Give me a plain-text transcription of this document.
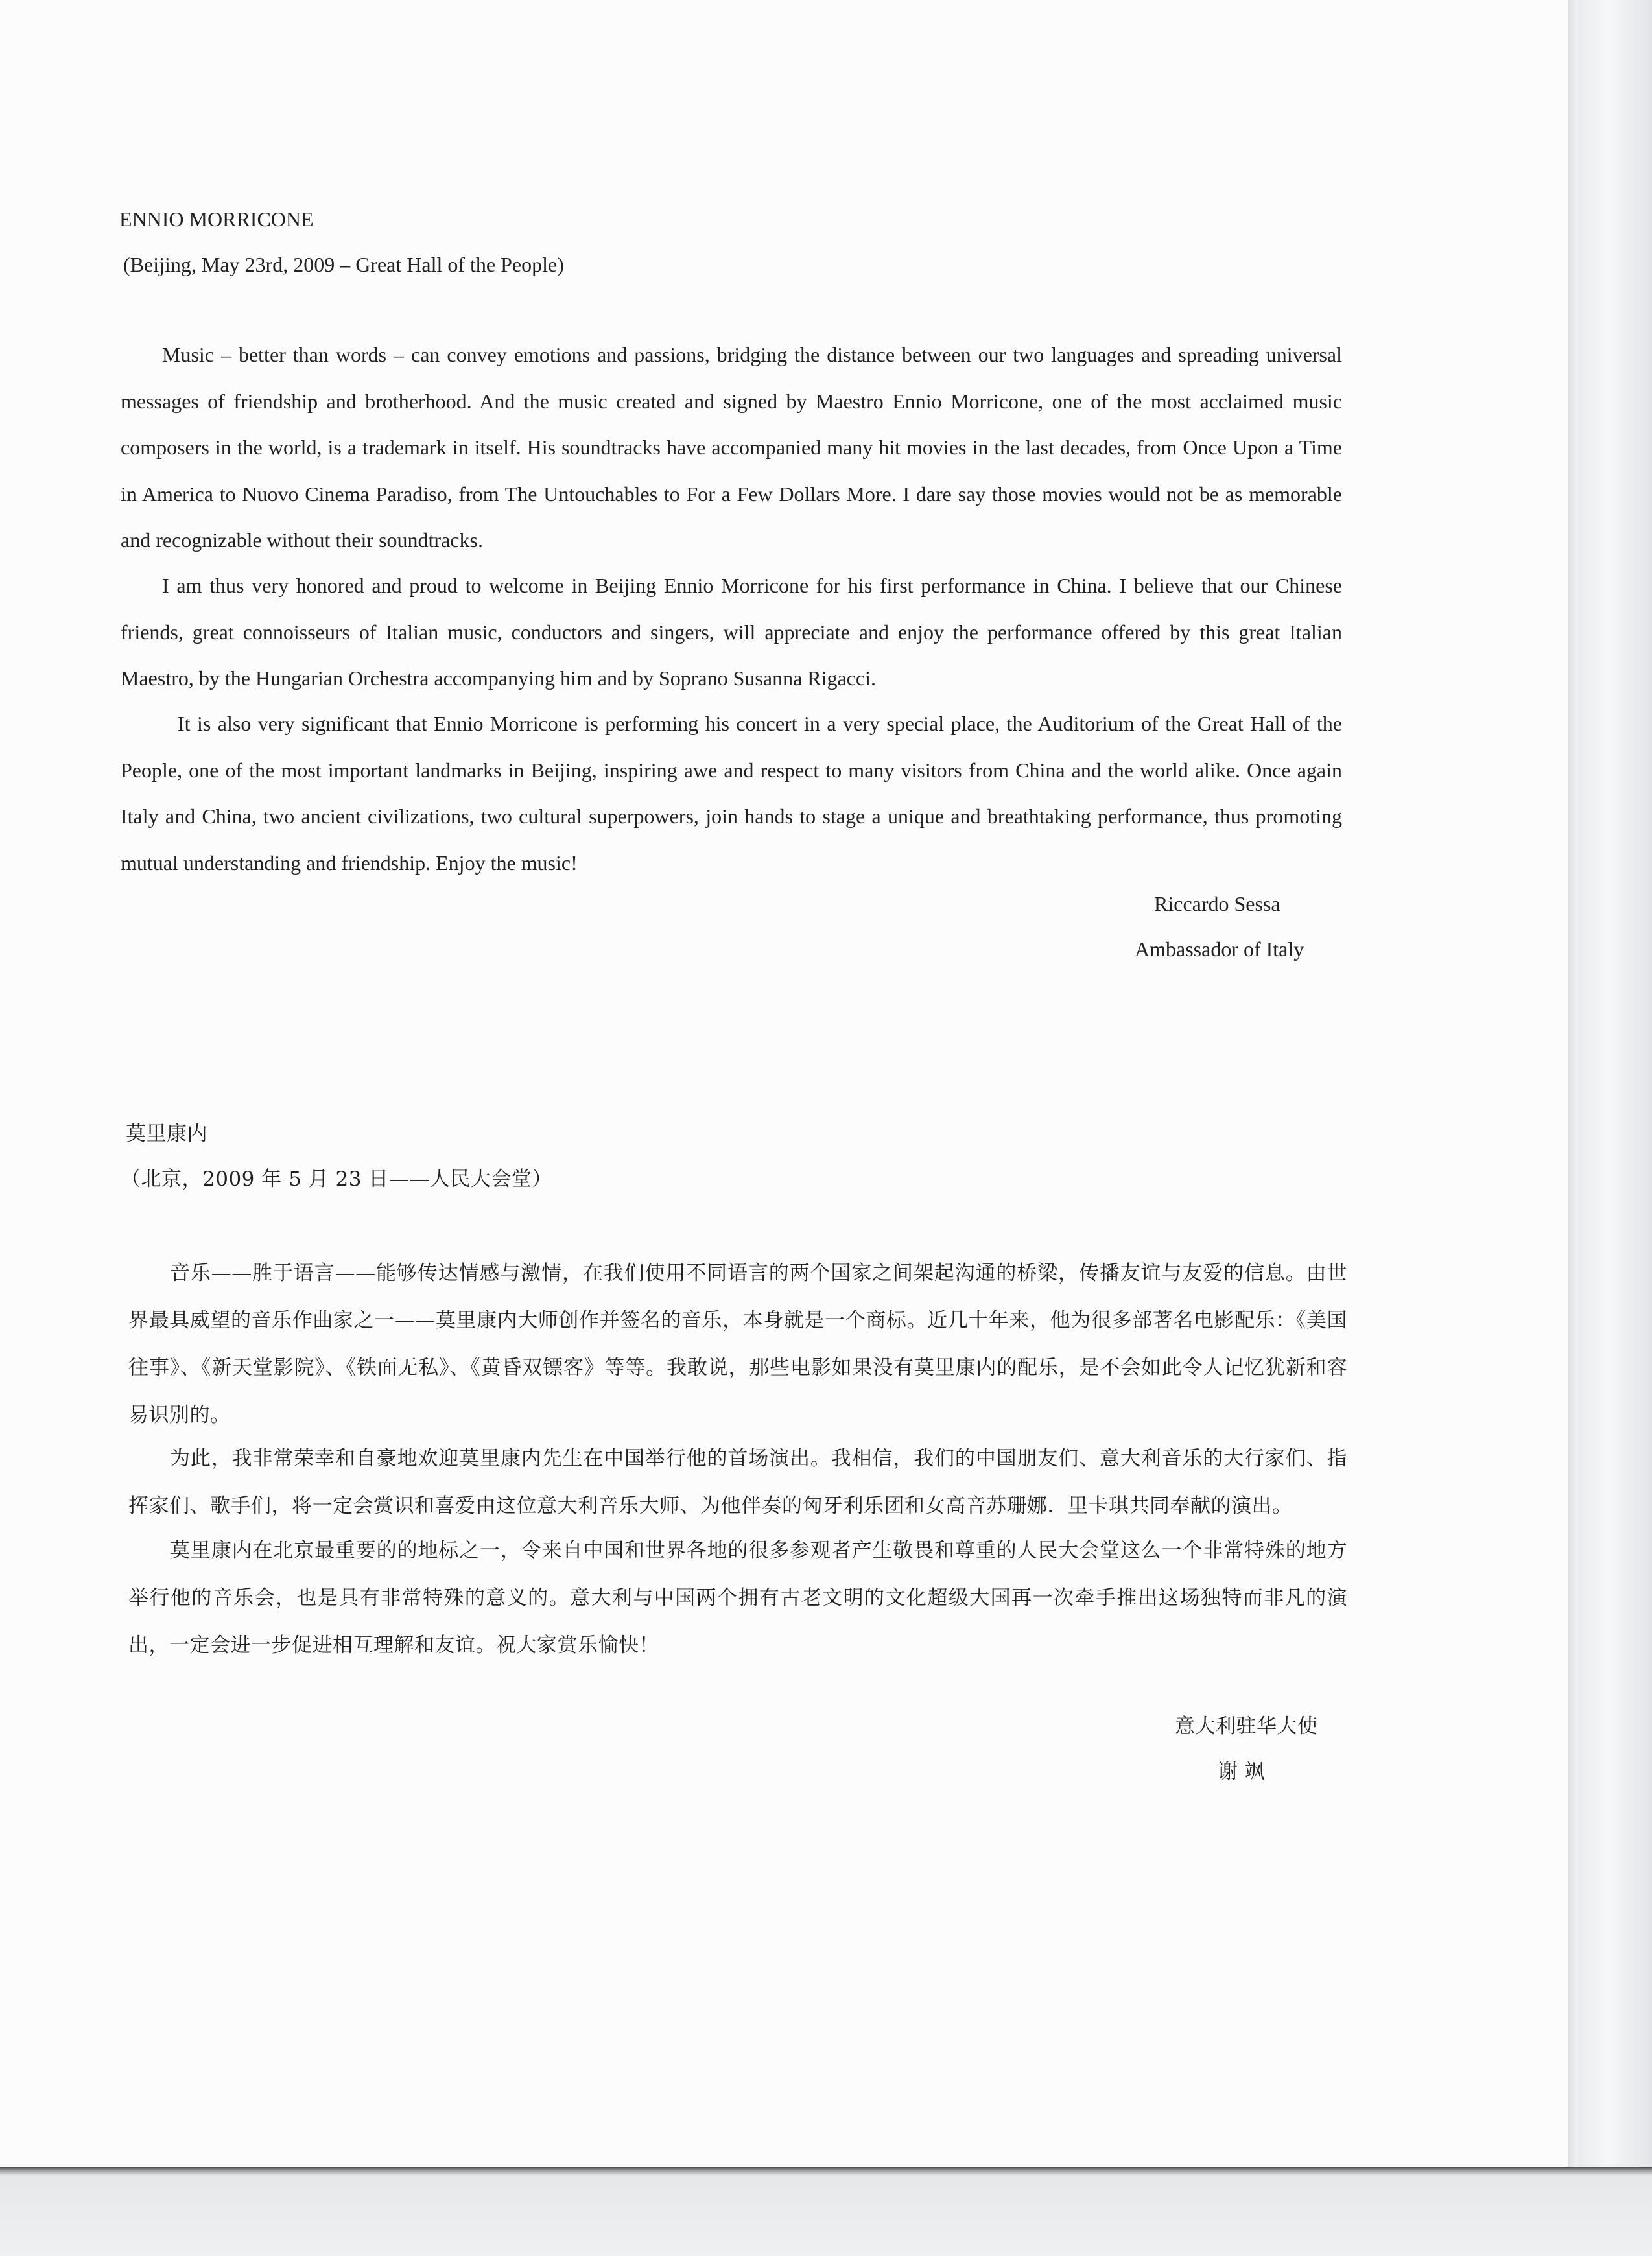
ENNIO MORRICONE
(Beijing, May 23rd, 2009 – Great Hall of the People)
Music – better than words – can convey emotions and passions, bridging the distance between our two languages and spreading universal messages of friendship and brotherhood. And the music created and signed by Maestro Ennio Morricone, one of the most acclaimed music composers in the world, is a trademark in itself. His soundtracks have accompanied many hit movies in the last decades, from Once Upon a Time in America to Nuovo Cinema Paradiso, from The Untouchables to For a Few Dollars More. I dare say those movies would not be as memorable and recognizable without their soundtracks.
I am thus very honored and proud to welcome in Beijing Ennio Morricone for his first performance in China. I believe that our Chinese friends, great connoisseurs of Italian music, conductors and singers, will appreciate and enjoy the performance offered by this great Italian Maestro, by the Hungarian Orchestra accompanying him and by Soprano Susanna Rigacci.
It is also very significant that Ennio Morricone is performing his concert in a very special place, the Auditorium of the Great Hall of the People, one of the most important landmarks in Beijing, inspiring awe and respect to many visitors from China and the world alike. Once again Italy and China, two ancient civilizations, two cultural superpowers, join hands to stage a unique and breathtaking performance, thus promoting mutual understanding and friendship. Enjoy the music!
Riccardo Sessa
Ambassador of Italy
莫里康内
（北京，2009 年 5 月 23 日——人民大会堂）
音乐——胜于语言——能够传达情感与激情，在我们使用不同语言的两个国家之间架起沟通的桥梁，传播友谊与友爱的信息。由世界最具威望的音乐作曲家之一——莫里康内大师创作并签名的音乐，本身就是一个商标。近几十年来，他为很多部著名电影配乐：《美国往事》、《新天堂影院》、《铁面无私》、《黄昏双镖客》等等。我敢说，那些电影如果没有莫里康内的配乐，是不会如此令人记忆犹新和容易识别的。
为此，我非常荣幸和自豪地欢迎莫里康内先生在中国举行他的首场演出。我相信，我们的中国朋友们、意大利音乐的大行家们、指挥家们、歌手们，将一定会赏识和喜爱由这位意大利音乐大师、为他伴奏的匈牙利乐团和女高音苏珊娜．里卡琪共同奉献的演出。
莫里康内在北京最重要的的地标之一，令来自中国和世界各地的很多参观者产生敬畏和尊重的人民大会堂这么一个非常特殊的地方举行他的音乐会，也是具有非常特殊的意义的。意大利与中国两个拥有古老文明的文化超级大国再一次牵手推出这场独特而非凡的演出，一定会进一步促进相互理解和友谊。祝大家赏乐愉快！
意大利驻华大使
谢 飒
